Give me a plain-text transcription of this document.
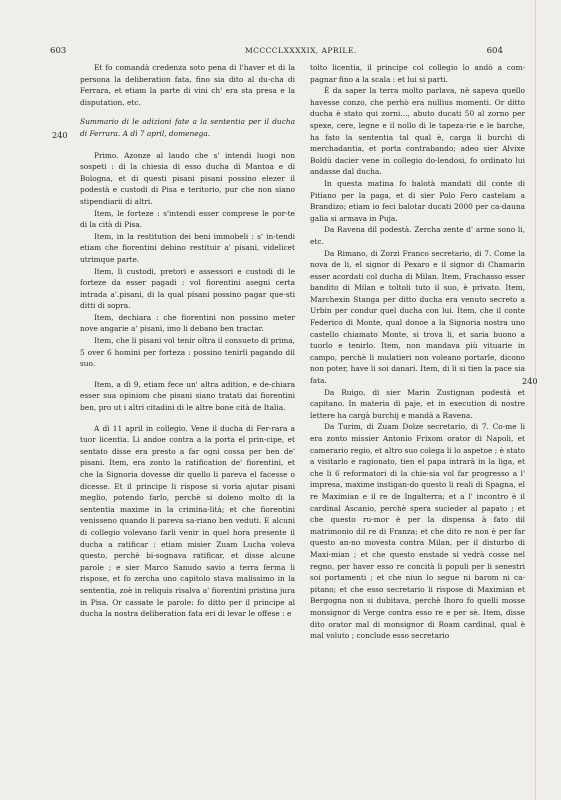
603	MCCCCLXXXXIX, APRILE.	604
240
240

Et fo comandà credenza soto pena di l'haver et di la persona la deliberation fata, fino sia dito al du-cha di Ferrara, et etiam la parte di vini ch' era sta presa e la disputation, etc.

Summario di le adizioni fate a la sententia per il ducha di Ferrara. A dì 7 april, domenega.

Primo. Azonze al laudo che s' intendi luogi non sospeti : di la chiesia di esso ducha di Mantoa e di Bologna, et di questi pisani pisani possino elezer il podestà e custodi di Pisa e teritorio, pur che non siano stipendiarii di altri.

Item, le forteze : s'intendi esser comprese le por-te di la cità di Pisa.

Item, in la restitution dei beni immobeli : s' in-tendi etiam che fiorentini debino restituir a' pisani, videlicet utrimque parte.

Item, li custodi, pretori e assessori e custodi di le forteze da esser pagadi : vol fiorentini asegni certa intrada a'.pisani, di la qual pisani possino pagar que-sti ditti di sopra.

Item, dechiara : che fiorentini non possino meter nove angarie a' pisani, imo li debano ben tractar.

Item, che li pisani vol tenir oltra il consueto di prima, 5 over 6 homini per forteza : possino tenirli pagando dil suo.

Item, a dì 9, etiam fece un' altra adition, e de-chiara esser sua opiniom che pisani siano tratati dai fiorentini ben, pro ut i altri citadini di le altre bone cità de Italia.

A dì 11 april in collegio. Vene il ducha di Fer-rara a tuor licentia. Li andoe contra a la porta el prin-cipe, et sentato disse era presto a far ogni cossa per ben de' pisani. Item, era zonto la ratification de' fiorentini, et che la Signoria dovesse dir quello li pareva el facesse o dicesse. Et il principe li rispose si voria ajutar pisani meglio, potendo farlo, perchè si doleno molto di la sententia maxime in la crimina-lità; et che fiorentini venisseno quando li pareva sa-riano ben veduti. E alcuni di collegio volevano farli venir in quel hora presente il ducha a ratificar : etiam misier Zuam Lucha voleva questo, perchè bi-sognava ratificar, et disse alcune parole ; e sier Marco Sanudo savio a terra ferma li rispose, et fo zercha uno capitolo stava malissimo in la sententia, zoè in reliquis risalva a' fiorentini pristina jura in Pisa. Or cassate le parole: fo ditto per il principe al ducha la nostra deliberation fata eri di levar le offese : e

tolto licentia, il principe col collegio lo andò a com-pagnar fino a la scala : et lui si parti.

È da saper la terra molto parlava, nè sapeva quello havesse conzo, che perhò era nullius momenti. Or ditto ducha è stato qui zorni..., abuto ducati 50 al zorno per spexe, cere, legne e il nollo di le tapeza-rie e le barche, ha fato la sententia tal qual è, carga li burchi di merchadantia, et porta contrabando; adeo sier Alvixe Boldù dacier vene in collegio do-lendosi, fo ordinato lui andasse dal ducha.

In questa matina fo balotà mandati dil conte di Pitiano per la paga, et di sier Polo Fero castelam a Brandizo; etiam io feci balotar ducati 2000 per ca-dauna galia si armava in Puja.

Da Ravena dil podestà. Zercha zente d' arme sono li, etc.

Da Rimano, di Zorzi Franco secretario, di 7. Come la nova de li, el signor di Pexaro e il signor di Chamarin esser acordati col ducha di Milan. Item, Frachasso esser bandito di Milan e toltoli tuto il suo, è privato. Item, Marchexin Stanga per ditto ducha era venuto secreto a Urbin per condur quel ducha con lui. Item, che il conte Federico di Monte, qual donoe a la Signoria nostra uno castello chiamato Monte, si trova li, et saria buono a tuorlo e tenirlo. Item, non mandava più vituarie in campo, perchè li mulatieri non voleano portarle, dicono non poter, have li soi danari. Item, di li si tien la pace sia fata.

Da Ruigo, di sier Marin Zustignan podestà et capitano. In materia di paje, et in execution di nostre lettere ha cargà burchij e mandà a Ravena.

Da Turim, di Zuam Dolze secretario, di 7. Co-me li era zonto missier Antonio Frixom orator di Napoli, et camerario regio, et altro suo colega li lo aspetoe ; è stato a visitarlo e ragionato, tien el papa intrarà in la liga, et che li 6 reformatori di la chie-sia vol far progresso a l' impresa, maxime instigan-do questo li reali di Spagna, el re Maximian e il re de Ingalterra; et a l' incontro è il cardinal Ascanio, perchè spera sucieder al papato ; et che questo ru-mor è per la dispensa à fato dil matrimonio dil re di Franza; et che dito re non è per far questo an-no movesta contra Milan, per il disturbo di Maxi-mian ; et che questo enstade si vedrà cosse nel regno, per haver esso re concità li populi per li senestri soi portamenti ; et che niun lo segue ni barom ni ca-pitano; et che esso secretario li rispose di Maximian et Bergogna non si dubitava, perchè lhoro fo quelli mosse monsignor di Verge contra esso re e per sè. Item, disse dito orator mal di monsignor di Roam cardinal, qual è mal voluto ; conclude esso secretario
